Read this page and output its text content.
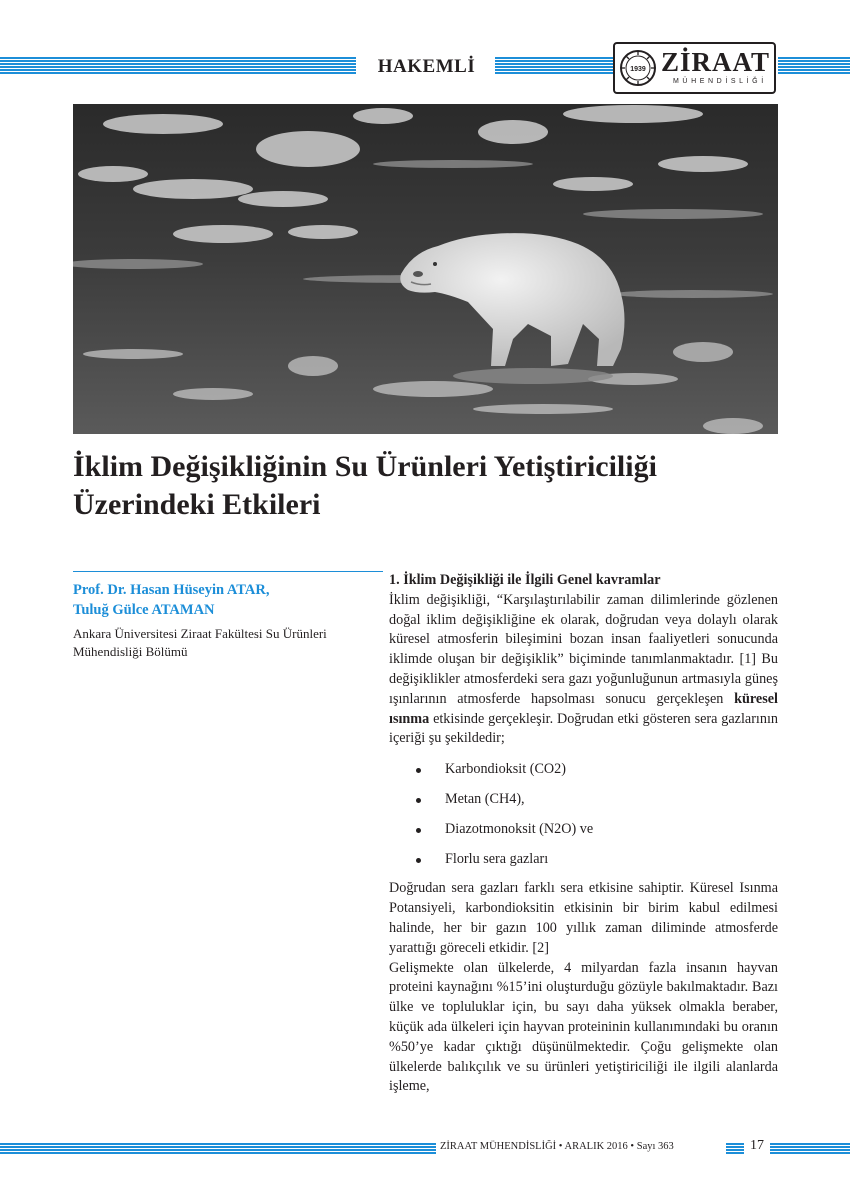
HAKEMLİ	1939 ZİRAAT
MÜHENDİSLİĞİ
İklim Değişikliğinin Su Ürünleri Yetiştiriciliği Üzerindeki Etkileri
Prof. Dr. Hasan Hüseyin ATAR,
Tuluğ Gülce ATAMAN
Ankara Üniversitesi Ziraat Fakültesi Su Ürünleri Mühendisliği Bölümü
1. İklim Değişikliği ile İlgili Genel kavramlar

İklim değişikliği, “Karşılaştırılabilir zaman dilimlerinde gözlenen doğal iklim değişikliğine ek olarak, doğrudan veya dolaylı olarak küresel atmosferin bileşimini bozan insan faaliyetleri sonucunda iklimde oluşan bir değişiklik” biçiminde tanımlanmaktadır. [1] Bu değişiklikler atmosferdeki sera gazı yoğunluğunun artmasıyla güneş ışınlarının atmosferde hapsolması sonucu gerçekleşen küresel ısınma etkisinde gerçekleşir. Doğrudan etki gösteren sera gazlarının içeriği şu şekildedir;

Karbondioksit (CO2)
Metan (CH4),
Diazotmonoksit (N2O) ve
Florlu sera gazları

Doğrudan sera gazları farklı sera etkisine sahiptir. Küresel Isınma Potansiyeli, karbondioksitin etkisinin bir birim kabul edilmesi halinde, her bir gazın 100 yıllık zaman diliminde atmosferde yarattığı göreceli etkidir. [2]

Gelişmekte olan ülkelerde, 4 milyardan fazla insanın hayvan proteini kaynağını %15’ini oluşturduğu gözüyle bakılmaktadır. Bazı ülke ve topluluklar için, bu sayı daha yüksek olmakla beraber, küçük ada ülkeleri için hayvan proteininin kullanımındaki bu oranın %50’ye kadar çıktığı düşünülmektedir. Çoğu gelişmekte olan ülkelerde balıkçılık ve su ürünleri yetiştiriciliği ile ilgili alanlarda işleme,

ZİRAAT MÜHENDİSLİĞİ • ARALIK 2016 • Sayı 363	17
